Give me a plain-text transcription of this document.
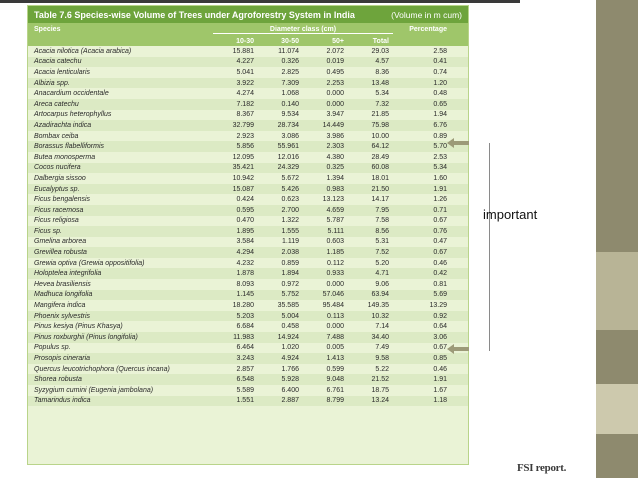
Table 7.6 Species-wise Volume of Trees under Agroforestry System in India	(Volume in m cum)
Species	Diameter class (cm)	Percentage
10-30	30-50	50+	Total
Acacia nilotica (Acacia arabica)	15.881	11.074	2.072	29.03	2.58
Acacia catechu	4.227	0.326	0.019	4.57	0.41
Acacia lenticularis	5.041	2.825	0.495	8.36	0.74
Albizia spp.	3.922	7.309	2.253	13.48	1.20
Anacardium occidentale	4.274	1.068	0.000	5.34	0.48
Areca catechu	7.182	0.140	0.000	7.32	0.65
Artocarpus heterophyllus	8.367	9.534	3.947	21.85	1.94
Azadirachta indica	32.799	28.734	14.449	75.98	6.76
Bombax ceiba	2.923	3.086	3.986	10.00	0.89
Borassus flabelliformis	5.856	55.961	2.303	64.12	5.70
Butea monosperma	12.095	12.016	4.380	28.49	2.53
Cocos nucifera	35.421	24.329	0.325	60.08	5.34
Dalbergia sissoo	10.942	5.672	1.394	18.01	1.60
Eucalyptus sp.	15.087	5.426	0.983	21.50	1.91
Ficus bengalensis	0.424	0.623	13.123	14.17	1.26
Ficus racemosa	0.595	2.700	4.659	7.95	0.71
Ficus religiosa	0.470	1.322	5.787	7.58	0.67
Ficus sp.	1.895	1.555	5.111	8.56	0.76
Gmelina arborea	3.584	1.119	0.603	5.31	0.47
Grevillea robusta	4.294	2.038	1.185	7.52	0.67
Grewia optiva (Grewia oppositifolia)	4.232	0.859	0.112	5.20	0.46
Holoptelea integrifolia	1.878	1.894	0.933	4.71	0.42
Hevea brasiliensis	8.093	0.972	0.000	9.06	0.81
Madhuca longifolia	1.145	5.752	57.046	63.94	5.69
Mangifera indica	18.280	35.585	95.484	149.35	13.29
Phoenix sylvestris	5.203	5.004	0.113	10.32	0.92
Pinus kesiya (Pinus Khasya)	6.684	0.458	0.000	7.14	0.64
Pinus roxburghii (Pinus longifolia)	11.983	14.924	7.488	34.40	3.06
Populus sp.	6.464	1.020	0.005	7.49	0.67
Prosopis cineraria	3.243	4.924	1.413	9.58	0.85
Quercus leucotrichophora (Quercus incana)	2.857	1.766	0.599	5.22	0.46
Shorea robusta	6.548	5.928	9.048	21.52	1.91
Syzygium cumini (Eugenia jambolana)	5.589	6.400	6.761	18.75	1.67
Tamarindus indica	1.551	2.887	8.799	13.24	1.18
important
FSI report.
